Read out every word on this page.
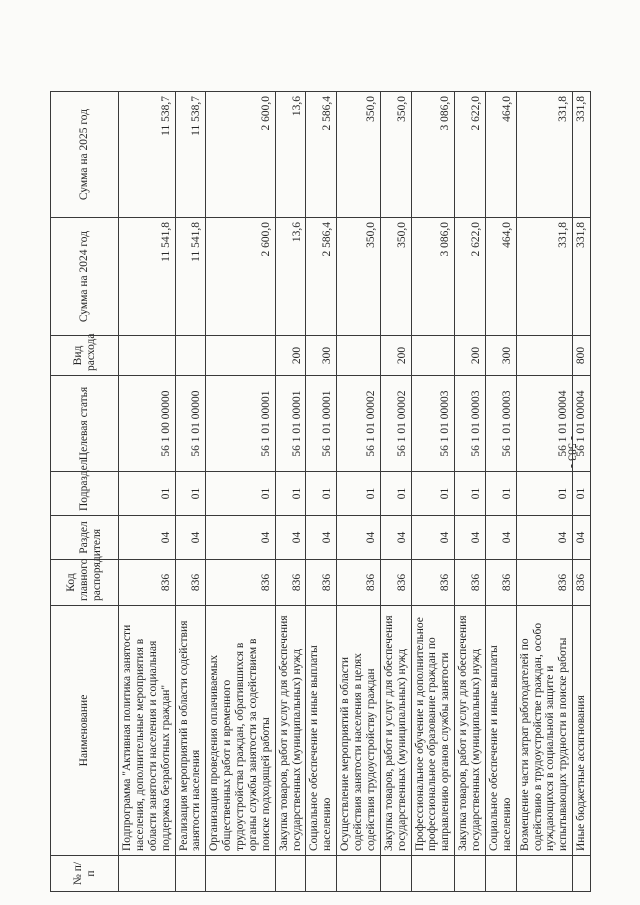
- 583 -
№ п/п	Наименование	Код главного распорядителя	Раздел	Подраздел	Целевая статья	Вид расхода	Сумма на 2024 год	Сумма на 2025 год
	Подпрограмма "Активная политика занятости населения, дополнительные мероприятия в области занятости населения и социальная поддержка безработных граждан"	836	04	01	56 1 00 00000		11 541,8	11 538,7
	Реализация мероприятий в области содействия занятости населения	836	04	01	56 1 01 00000		11 541,8	11 538,7
	Организация проведения оплачиваемых общественных работ и временного трудоустройства граждан, обратившихся в органы службы занятости за содействием в поиске подходящей работы	836	04	01	56 1 01 00001		2 600,0	2 600,0
	Закупка товаров, работ и услуг для обеспечения государственных (муниципальных) нужд	836	04	01	56 1 01 00001	200	13,6	13,6
	Социальное обеспечение и иные выплаты населению	836	04	01	56 1 01 00001	300	2 586,4	2 586,4
	Осуществление мероприятий в области содействия занятости населения в целях содействия трудоустройству граждан	836	04	01	56 1 01 00002		350,0	350,0
	Закупка товаров, работ и услуг для обеспечения государственных (муниципальных) нужд	836	04	01	56 1 01 00002	200	350,0	350,0
	Профессиональное обучение и дополнительное профессиональное образование граждан по направлению органов службы занятости	836	04	01	56 1 01 00003		3 086,0	3 086,0
	Закупка товаров, работ и услуг для обеспечения государственных (муниципальных) нужд	836	04	01	56 1 01 00003	200	2 622,0	2 622,0
	Социальное обеспечение и иные выплаты населению	836	04	01	56 1 01 00003	300	464,0	464,0
	Возмещение части затрат работодателей по содействию в трудоустройстве граждан, особо нуждающихся в социальной защите и испытывающих трудности в поиске работы	836	04	01	56 1 01 00004		331,8	331,8
	Иные бюджетные ассигнования	836	04	01	56 1 01 00004	800	331,8	331,8
